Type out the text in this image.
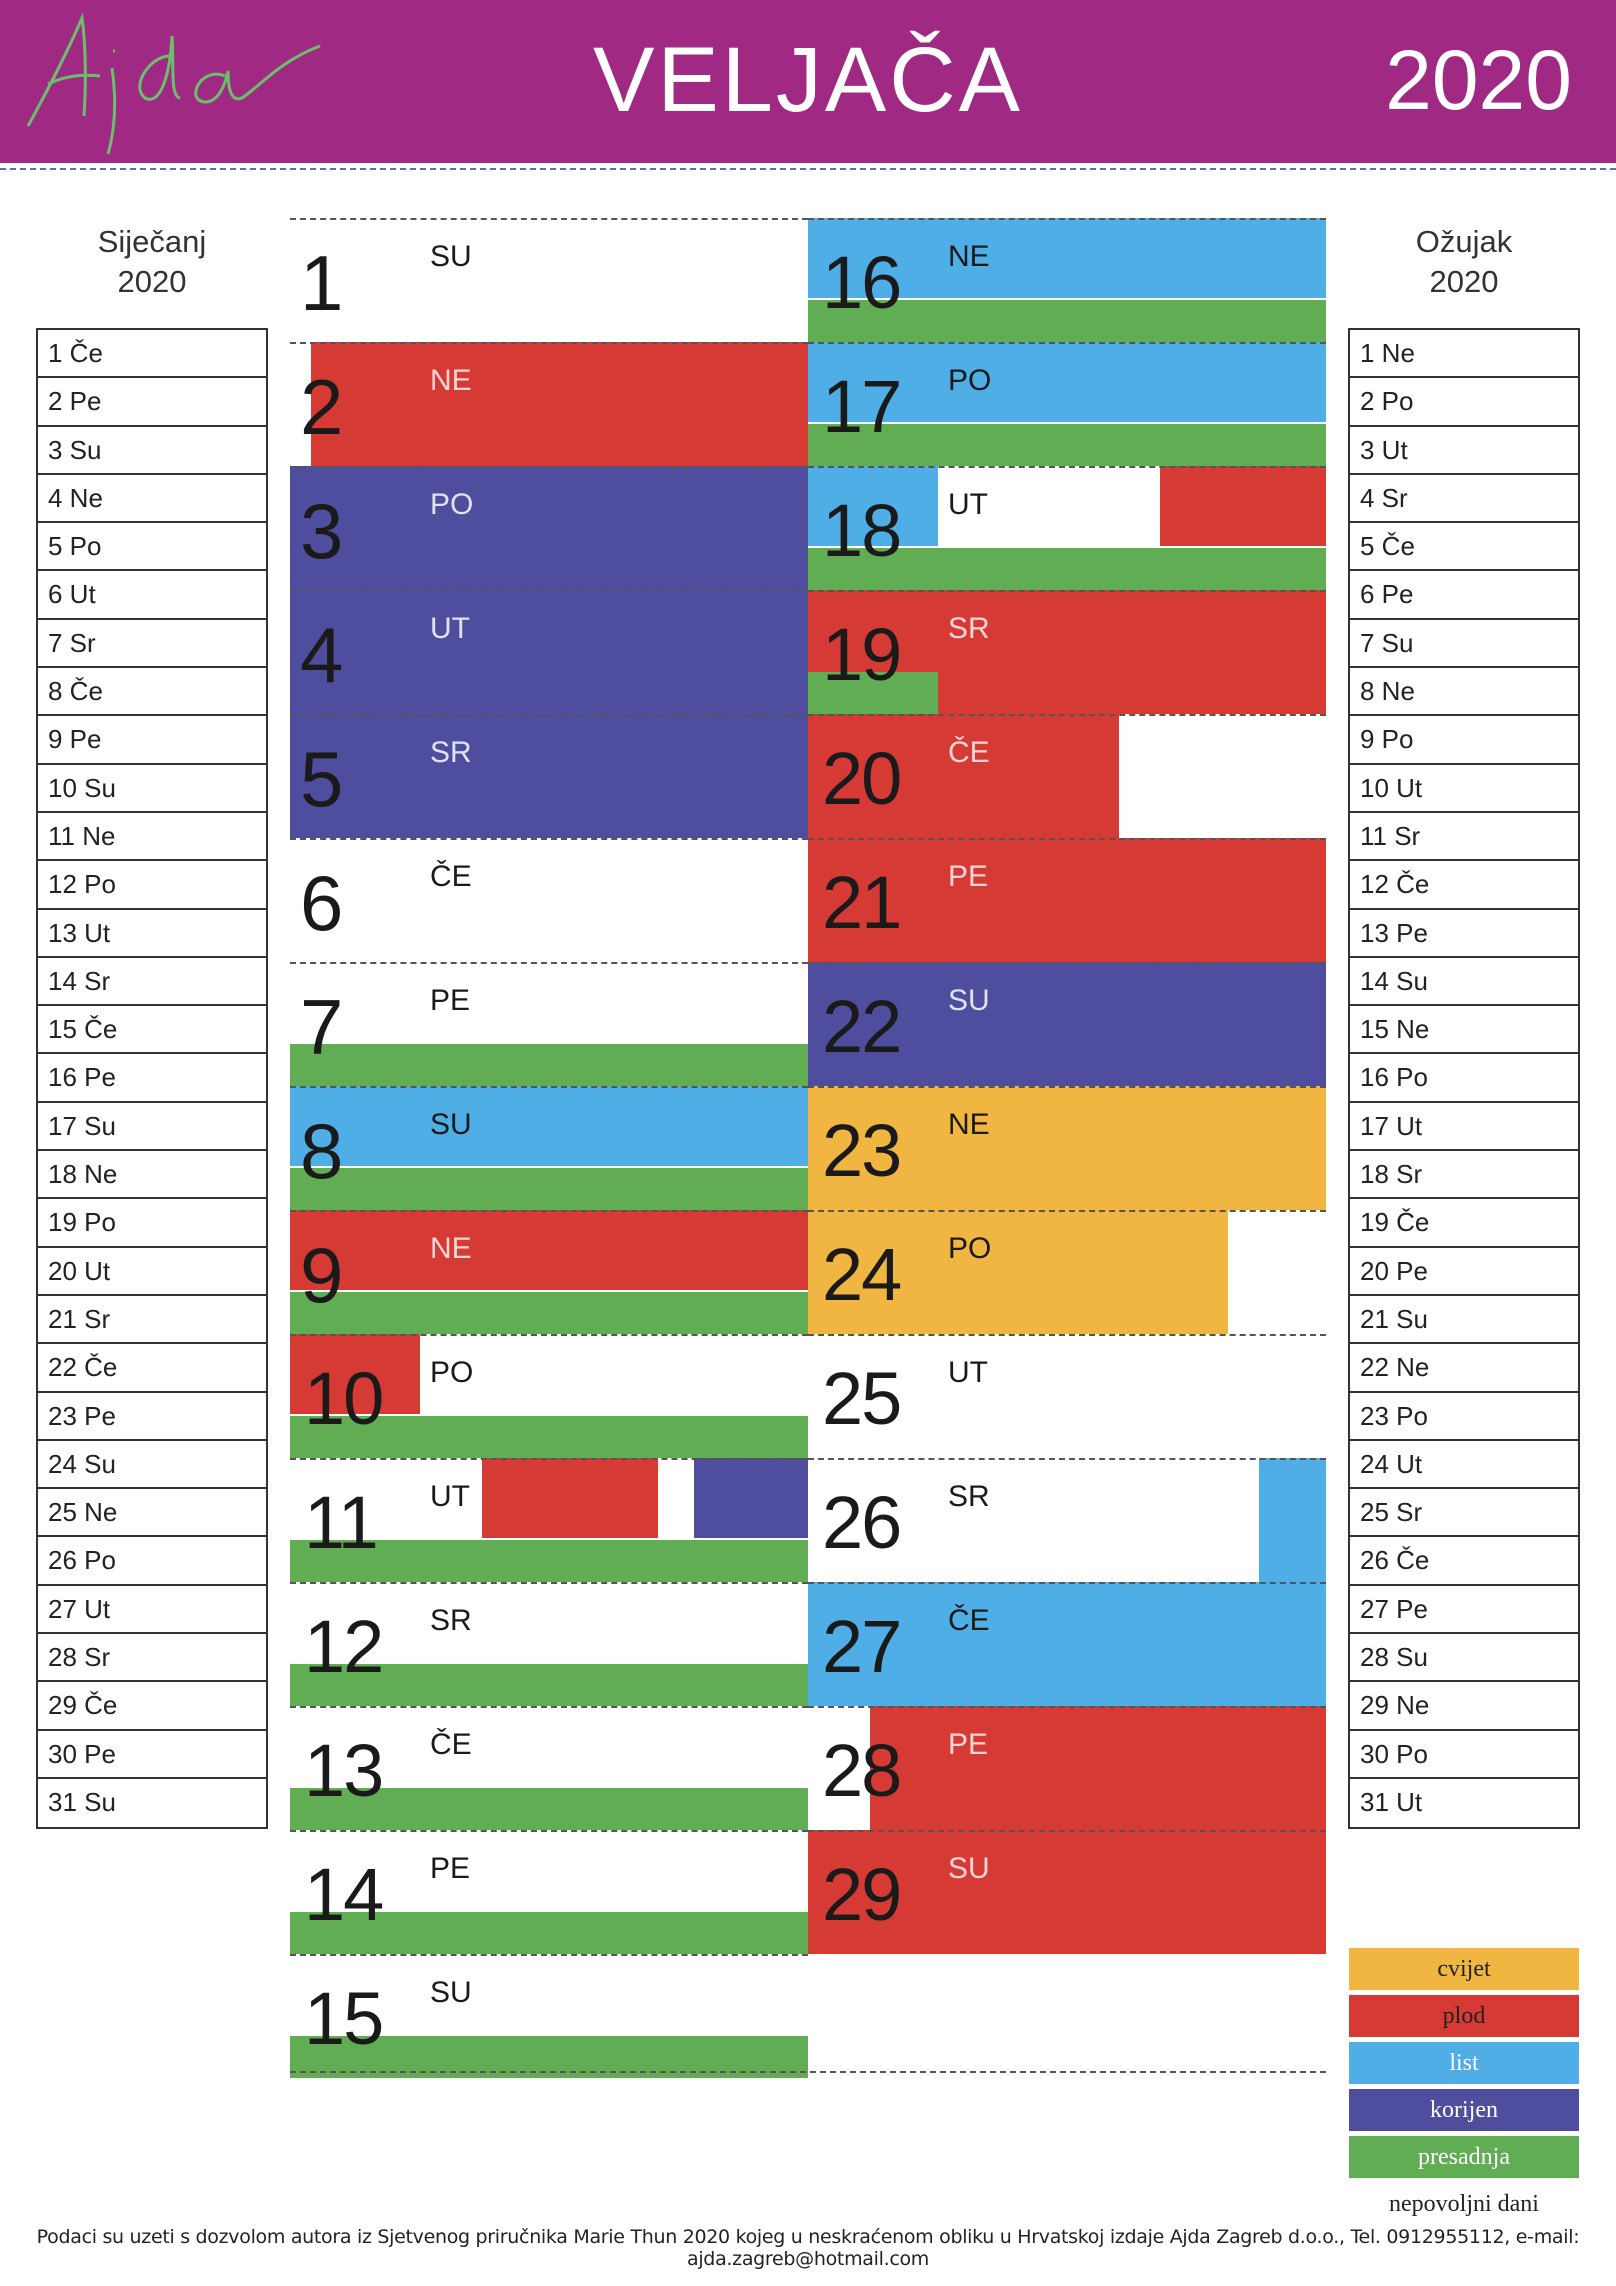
VELJAČA	2020
Siječanj
2020
1 Če
2 Pe
3 Su
4 Ne
5 Po
6 Ut
7 Sr
8 Če
9 Pe
10 Su
11 Ne
12 Po
13 Ut
14 Sr
15 Če
16 Pe
17 Su
18 Ne
19 Po
20 Ut
21 Sr
22 Če
23 Pe
24 Su
25 Ne
26 Po
27 Ut
28 Sr
29 Če
30 Pe
31 Su
Ožujak
2020
1 Ne
2 Po
3 Ut
4 Sr
5 Če
6 Pe
7 Su
8 Ne
9 Po
10 Ut
11 Sr
12 Če
13 Pe
14 Su
15 Ne
16 Po
17 Ut
18 Sr
19 Če
20 Pe
21 Su
22 Ne
23 Po
24 Ut
25 Sr
26 Če
27 Pe
28 Su
29 Ne
30 Po
31 Ut
1	SU
2	NE
3	PO
4	UT
5	SR
6	ČE
7	PE
8	SU
9	NE
10 PO
11 UT
12 SR
13 ČE
14 PE
15 SU
16 NE
17 PO
18 UT
19 SR
20 ČE
21 PE
22 SU
23 NE
24 PO
25 UT
26 SR
27 ČE
28 PE
29 SU
cvijet
plod
list
korijen
presadnja
nepovoljni dani
Podaci su uzeti s dozvolom autora iz Sjetvenog priručnika Marie Thun 2020 kojeg u neskraćenom obliku u Hrvatskoj izdaje Ajda Zagreb d.o.o., Tel. 0912955112, e-mail: ajda.zagreb@hotmail.com
